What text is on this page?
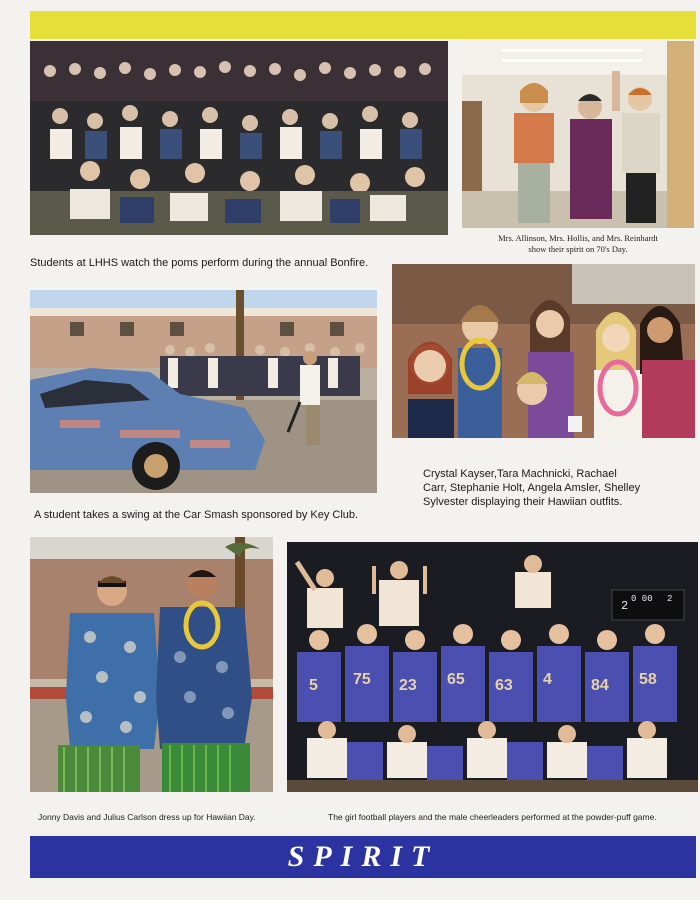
Students at LHHS watch the poms perform during the annual Bonfire.
Mrs. Allinson, Mrs. Hollis, and Mrs. Reinhardt
show their spirit on 70's Day.
A student takes a swing at the Car Smash sponsored by Key Club.
Crystal Kayser,Tara Machnicki, Rachael
Carr, Stephanie Holt, Angela Amsler, Shelley
Sylvester displaying their Hawiian outfits.
Jonny Davis and Julius Carlson dress up for Hawiian Day.
2 0 00 2
5 75 23 65 63 4 84 58
The girl football players and the male cheerleaders performed at the powder-puff game.
SPIRIT
